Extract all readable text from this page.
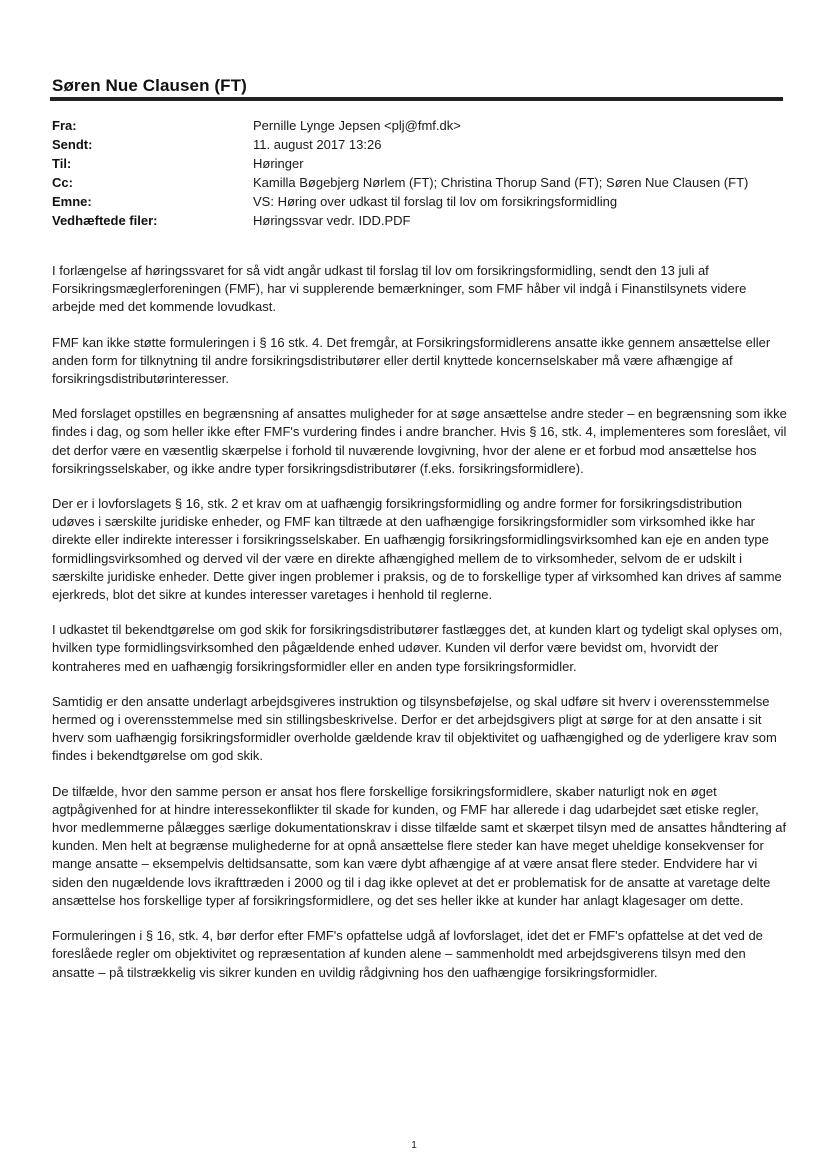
Søren Nue Clausen (FT)
Fra:	Pernille Lynge Jepsen <plj@fmf.dk>
Sendt:	11. august 2017 13:26
Til:	Høringer
Cc:	Kamilla Bøgebjerg Nørlem (FT); Christina Thorup Sand (FT); Søren Nue Clausen (FT)
Emne:	VS: Høring over udkast til forslag til lov om forsikringsformidling
Vedhæftede filer:	Høringssvar vedr. IDD.PDF

I forlængelse af høringssvaret for så vidt angår udkast til forslag til lov om forsikringsformidling, sendt den 13 juli af Forsikringsmæglerforeningen (FMF), har vi supplerende bemærkninger, som FMF håber vil indgå i Finanstilsynets videre arbejde med det kommende lovudkast.

FMF kan ikke støtte formuleringen i § 16 stk. 4. Det fremgår, at Forsikringsformidlerens ansatte ikke gennem ansættelse eller anden form for tilknytning til andre forsikringsdistributører eller dertil knyttede koncernselskaber må være afhængige af forsikringsdistributørinteresser.

Med forslaget opstilles en begrænsning af ansattes muligheder for at søge ansættelse andre steder – en begrænsning som ikke findes i dag, og som heller ikke efter FMF's vurdering findes i andre brancher. Hvis § 16, stk. 4, implementeres som foreslået, vil det derfor være en væsentlig skærpelse i forhold til nuværende lovgivning, hvor der alene er et forbud mod ansættelse hos forsikringsselskaber, og ikke andre typer forsikringsdistributører (f.eks. forsikringsformidlere).

Der er i lovforslagets § 16, stk. 2 et krav om at uafhængig forsikringsformidling og andre former for forsikringsdistribution udøves i særskilte juridiske enheder, og FMF kan tiltræde at den uafhængige forsikringsformidler som virksomhed ikke har direkte eller indirekte interesser i forsikringsselskaber. En uafhængig forsikringsformidlingsvirksomhed kan eje en anden type formidlingsvirksomhed og derved vil der være en direkte afhængighed mellem de to virksomheder, selvom de er udskilt i særskilte juridiske enheder. Dette giver ingen problemer i praksis, og de to forskellige typer af virksomhed kan drives af samme ejerkreds, blot det sikre at kundes interesser varetages i henhold til reglerne.

I udkastet til bekendtgørelse om god skik for forsikringsdistributører fastlægges det, at kunden klart og tydeligt skal oplyses om, hvilken type formidlingsvirksomhed den pågældende enhed udøver. Kunden vil derfor være bevidst om, hvorvidt der kontraheres med en uafhængig forsikringsformidler eller en anden type forsikringsformidler.

Samtidig er den ansatte underlagt arbejdsgiveres instruktion og tilsynsbeføjelse, og skal udføre sit hverv i overensstemmelse hermed og i overensstemmelse med sin stillingsbeskrivelse. Derfor er det arbejdsgivers pligt at sørge for at den ansatte i sit hverv som uafhængig forsikringsformidler overholde gældende krav til objektivitet og uafhængighed og de yderligere krav som findes i bekendtgørelse om god skik.

De tilfælde, hvor den samme person er ansat hos flere forskellige forsikringsformidlere, skaber naturligt nok en øget agtpågivenhed for at hindre interessekonflikter til skade for kunden, og FMF har allerede i dag udarbejdet sæt etiske regler, hvor medlemmerne pålægges særlige dokumentationskrav i disse tilfælde samt et skærpet tilsyn med de ansattes håndtering af kunden. Men helt at begrænse mulighederne for at opnå ansættelse flere steder kan have meget uheldige konsekvenser for mange ansatte – eksempelvis deltidsansatte, som kan være dybt afhængige af at være ansat flere steder. Endvidere har vi siden den nugældende lovs ikrafttræden i 2000 og til i dag ikke oplevet at det er problematisk for de ansatte at varetage delte ansættelse hos forskellige typer af forsikringsformidlere, og det ses heller ikke at kunder har anlagt klagesager om dette.

Formuleringen i § 16, stk. 4, bør derfor efter FMF's opfattelse udgå af lovforslaget, idet det er FMF's opfattelse at det ved de foreslåede regler om objektivitet og repræsentation af kunden alene – sammenholdt med arbejdsgiverens tilsyn med den ansatte – på tilstrækkelig vis sikrer kunden en uvildig rådgivning hos den uafhængige forsikringsformidler.

1
